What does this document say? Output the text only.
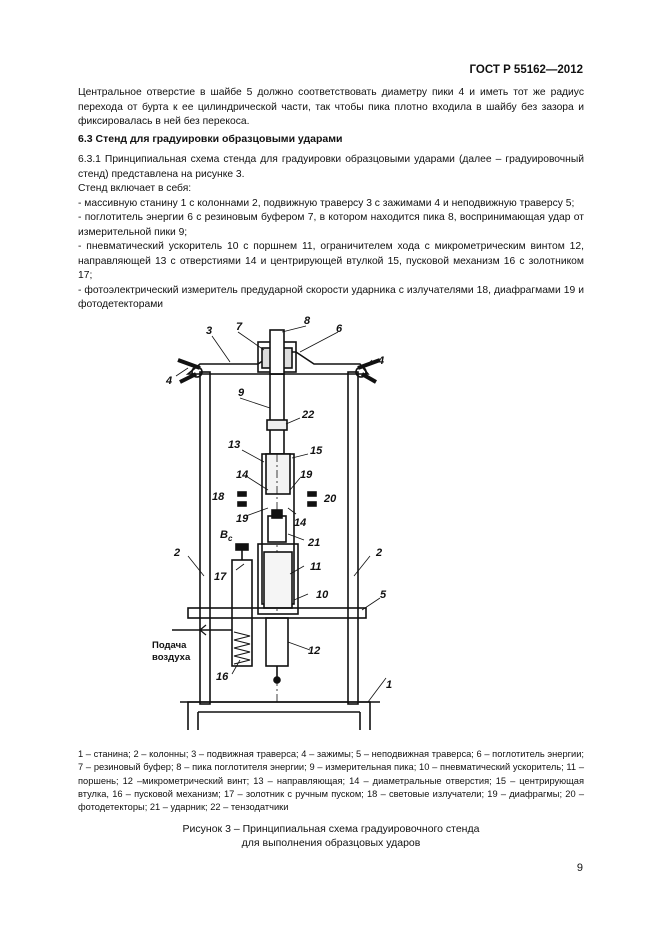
ГОСТ Р 55162—2012

Центральное отверстие в шайбе 5 должно соответствовать диаметру пики 4 и иметь тот же радиус перехода от бурта к ее цилиндрической части, так чтобы пика плотно входила в шайбу без зазора и фиксировалась в ней без перекоса.

6.3 Стенд для градуировки образцовыми ударами

6.3.1 Принципиальная схема стенда для градуировки образцовыми ударами (далее – градуировочный стенд) представлена на рисунке 3.

Стенд включает в себя:

- массивную станину 1 с колоннами 2, подвижную траверсу 3 с зажимами 4 и неподвижную траверсу 5;

- поглотитель энергии 6 с резиновым буфером 7, в котором находится пика 8, воспринимающая удар от измерительной пики 9;

- пневматический ускоритель 10 с поршнем 11, ограничителем хода с микрометрическим винтом 12, направляющей 13 с отверстиями 14 и центрирующей втулкой 15, пусковой механизм 16 с золотником 17;

- фотоэлектрический измеритель предударной скорости ударника с излучателями 18, диафрагмами 19 и фотодетекторами

3 7	8
6
4
4
9
22
13	15
14	19
18	20
19	14
$В_с$	21
11
10
12
17
16
2	2
5
1
Подача
воздуха
1 – станина; 2 – колонны; 3 – подвижная траверса; 4 – зажимы; 5 – неподвижная траверса; 6 – поглотитель энергии; 7 – резиновый буфер; 8 – пика поглотителя энергии; 9 – измерительная пика; 10 – пневматический ускоритель; 11 – поршень; 12 –микрометрический винт; 13 – направляющая; 14 – диаметральные отверстия; 15 – центрирующая втулка, 16 – пусковой механизм; 17 – золотник с ручным пуском; 18 – световые излучатели; 19 – диафрагмы; 20 – фотодетекторы; 21 – ударник; 22 – тензодатчики
Рисунок 3 – Принципиальная схема градуировочного стенда
для выполнения образцовых ударов
9
